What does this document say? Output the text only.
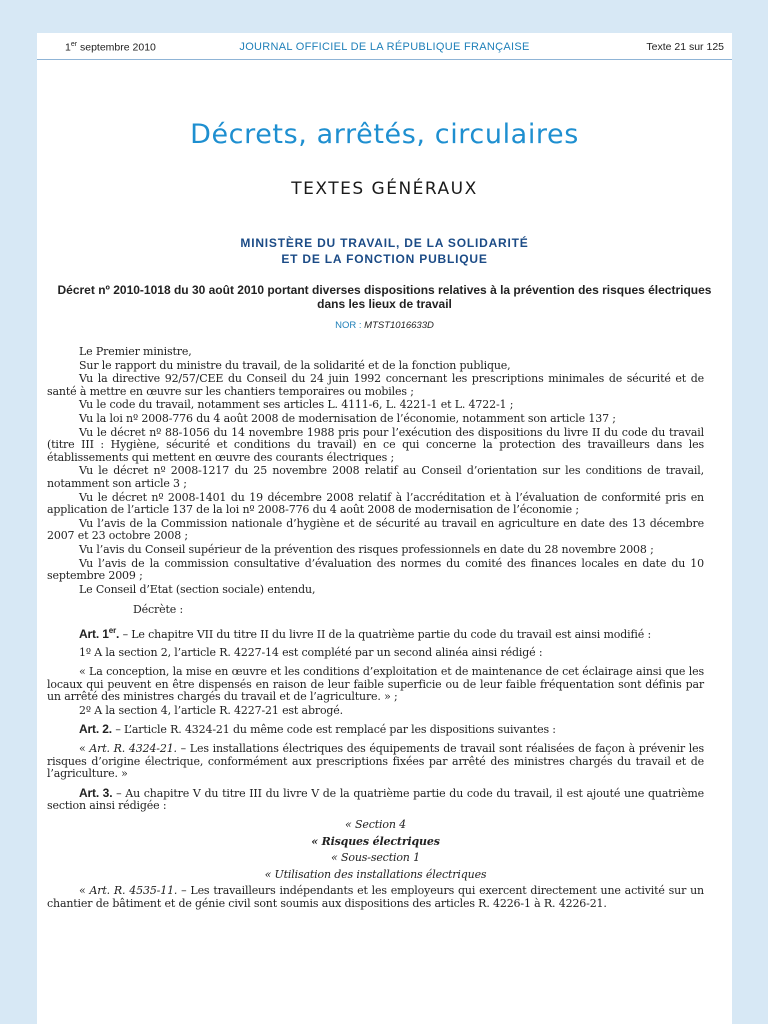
1er septembre 2010	JOURNAL OFFICIEL DE LA RÉPUBLIQUE FRANÇAISE	Texte 21 sur 125
Décrets, arrêtés, circulaires
TEXTES GÉNÉRAUX
MINISTÈRE DU TRAVAIL, DE LA SOLIDARITÉ
ET DE LA FONCTION PUBLIQUE
Décret nº 2010-1018 du 30 août 2010 portant diverses dispositions relatives à la prévention des risques électriques dans les lieux de travail
NOR : MTST1016633D

Le Premier ministre,

Sur le rapport du ministre du travail, de la solidarité et de la fonction publique,

Vu la directive 92/57/CEE du Conseil du 24 juin 1992 concernant les prescriptions minimales de sécurité et de santé à mettre en œuvre sur les chantiers temporaires ou mobiles ;

Vu le code du travail, notamment ses articles L. 4111-6, L. 4221-1 et L. 4722-1 ;

Vu la loi nº 2008-776 du 4 août 2008 de modernisation de l’économie, notamment son article 137 ;

Vu le décret nº 88-1056 du 14 novembre 1988 pris pour l’exécution des dispositions du livre II du code du travail (titre III : Hygiène, sécurité et conditions du travail) en ce qui concerne la protection des travailleurs dans les établissements qui mettent en œuvre des courants électriques ;

Vu le décret nº 2008-1217 du 25 novembre 2008 relatif au Conseil d’orientation sur les conditions de travail, notamment son article 3 ;

Vu le décret nº 2008-1401 du 19 décembre 2008 relatif à l’accréditation et à l’évaluation de conformité pris en application de l’article 137 de la loi nº 2008-776 du 4 août 2008 de modernisation de l’économie ;

Vu l’avis de la Commission nationale d’hygiène et de sécurité au travail en agriculture en date des 13 décembre 2007 et 23 octobre 2008 ;

Vu l’avis du Conseil supérieur de la prévention des risques professionnels en date du 28 novembre 2008 ;

Vu l’avis de la commission consultative d’évaluation des normes du comité des finances locales en date du 10 septembre 2009 ;

Le Conseil d’Etat (section sociale) entendu,

Décrète :

Art. 1er. – Le chapitre VII du titre II du livre II de la quatrième partie du code du travail est ainsi modifié :

1º A la section 2, l’article R. 4227-14 est complété par un second alinéa ainsi rédigé :

« La conception, la mise en œuvre et les conditions d’exploitation et de maintenance de cet éclairage ainsi que les locaux qui peuvent en être dispensés en raison de leur faible superficie ou de leur faible fréquentation sont définis par un arrêté des ministres chargés du travail et de l’agriculture. » ;

2º A la section 4, l’article R. 4227-21 est abrogé.

Art. 2. – L’article R. 4324-21 du même code est remplacé par les dispositions suivantes :

« Art. R. 4324-21. – Les installations électriques des équipements de travail sont réalisées de façon à prévenir les risques d’origine électrique, conformément aux prescriptions fixées par arrêté des ministres chargés du travail et de l’agriculture. »

Art. 3. – Au chapitre V du titre III du livre V de la quatrième partie du code du travail, il est ajouté une quatrième section ainsi rédigée :

« Section 4

« Risques électriques

« Sous-section 1

« Utilisation des installations électriques

« Art. R. 4535-11. – Les travailleurs indépendants et les employeurs qui exercent directement une activité sur un chantier de bâtiment et de génie civil sont soumis aux dispositions des articles R. 4226-1 à R. 4226-21.
